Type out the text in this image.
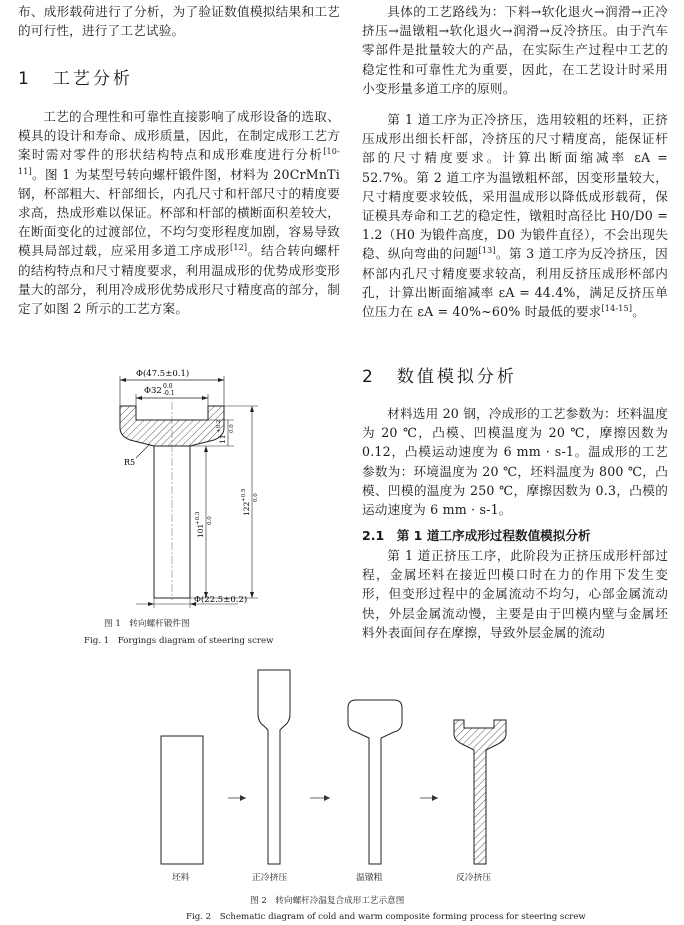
布、成形载荷进行了分析，为了验证数值模拟结果和工艺的可行性，进行了工艺试验。

1 工艺分析

工艺的合理性和可靠性直接影响了成形设备的选取、模具的设计和寿命、成形质量，因此，在制定成形工艺方案时需对零件的形状结构特点和成形难度进行分析[10-11]。图 1 为某型号转向螺杆锻件图，材料为 20CrMnTi 钢，杯部粗大、杆部细长，内孔尺寸和杆部尺寸的精度要求高，热成形难以保证。杯部和杆部的横断面积差较大，在断面变化的过渡部位，不均匀变形程度加剧，容易导致模具局部过载，应采用多道工序成形[12]。结合转向螺杆的结构特点和尺寸精度要求，利用温成形的优势成形变形量大的部分，利用冷成形优势成形尺寸精度高的部分，制定了如图 2 所示的工艺方案。

Φ(47.5±0.1)
Φ32 0.0
-0.1
R5
11
+0.2 0.0
101
+0.3 0.0
122
+0.5 0.0
Φ(22.5±0.2)
图 1　转向螺杆锻件图
Fig. 1　Forgings diagram of steering screw

具体的工艺路线为：下料→软化退火→润滑→正冷挤压→温镦粗→软化退火→润滑→反冷挤压。由于汽车零部件是批量较大的产品，在实际生产过程中工艺的稳定性和可靠性尤为重要，因此，在工艺设计时采用小变形量多道工序的原则。

第 1 道工序为正冷挤压，选用较粗的坯料，正挤压成形出细长杆部，冷挤压的尺寸精度高，能保证杆部的尺寸精度要求。计算出断面缩减率 εA = 52.7%。第 2 道工序为温镦粗杯部，因变形量较大，尺寸精度要求较低，采用温成形以降低成形载荷，保证模具寿命和工艺的稳定性，镦粗时高径比 H0/D0 = 1.2（H0 为锻件高度，D0 为锻件直径），不会出现失稳、纵向弯曲的问题[13]。第 3 道工序为反冷挤压，因杯部内孔尺寸精度要求较高，利用反挤压成形杯部内孔，计算出断面缩减率 εA = 44.4%，满足反挤压单位压力在 εA = 40%~60% 时最低的要求[14-15]。

2 数值模拟分析

材料选用 20 钢，冷成形的工艺参数为：坯料温度为 20 ℃，凸模、凹模温度为 20 ℃，摩擦因数为 0.12，凸模运动速度为 6 mm · s-1。温成形的工艺参数为：环境温度为 20 ℃，坯料温度为 800 ℃，凸模、凹模的温度为 250 ℃，摩擦因数为 0.3，凸模的运动速度为 6 mm · s-1。

2.1 第 1 道工序成形过程数值模拟分析

第 1 道正挤压工序，此阶段为正挤压成形杆部过程，金属坯料在接近凹模口时在力的作用下发生变形，但变形过程中的金属流动不均匀，心部金属流动快，外层金属流动慢，主要是由于凹模内壁与金属坯料外表面间存在摩擦，导致外层金属的流动

坯料	正冷挤压	温镦粗	反冷挤压
图 2　转向螺杆冷温复合成形工艺示意图
Fig. 2　Schematic diagram of cold and warm composite forming process for steering screw
